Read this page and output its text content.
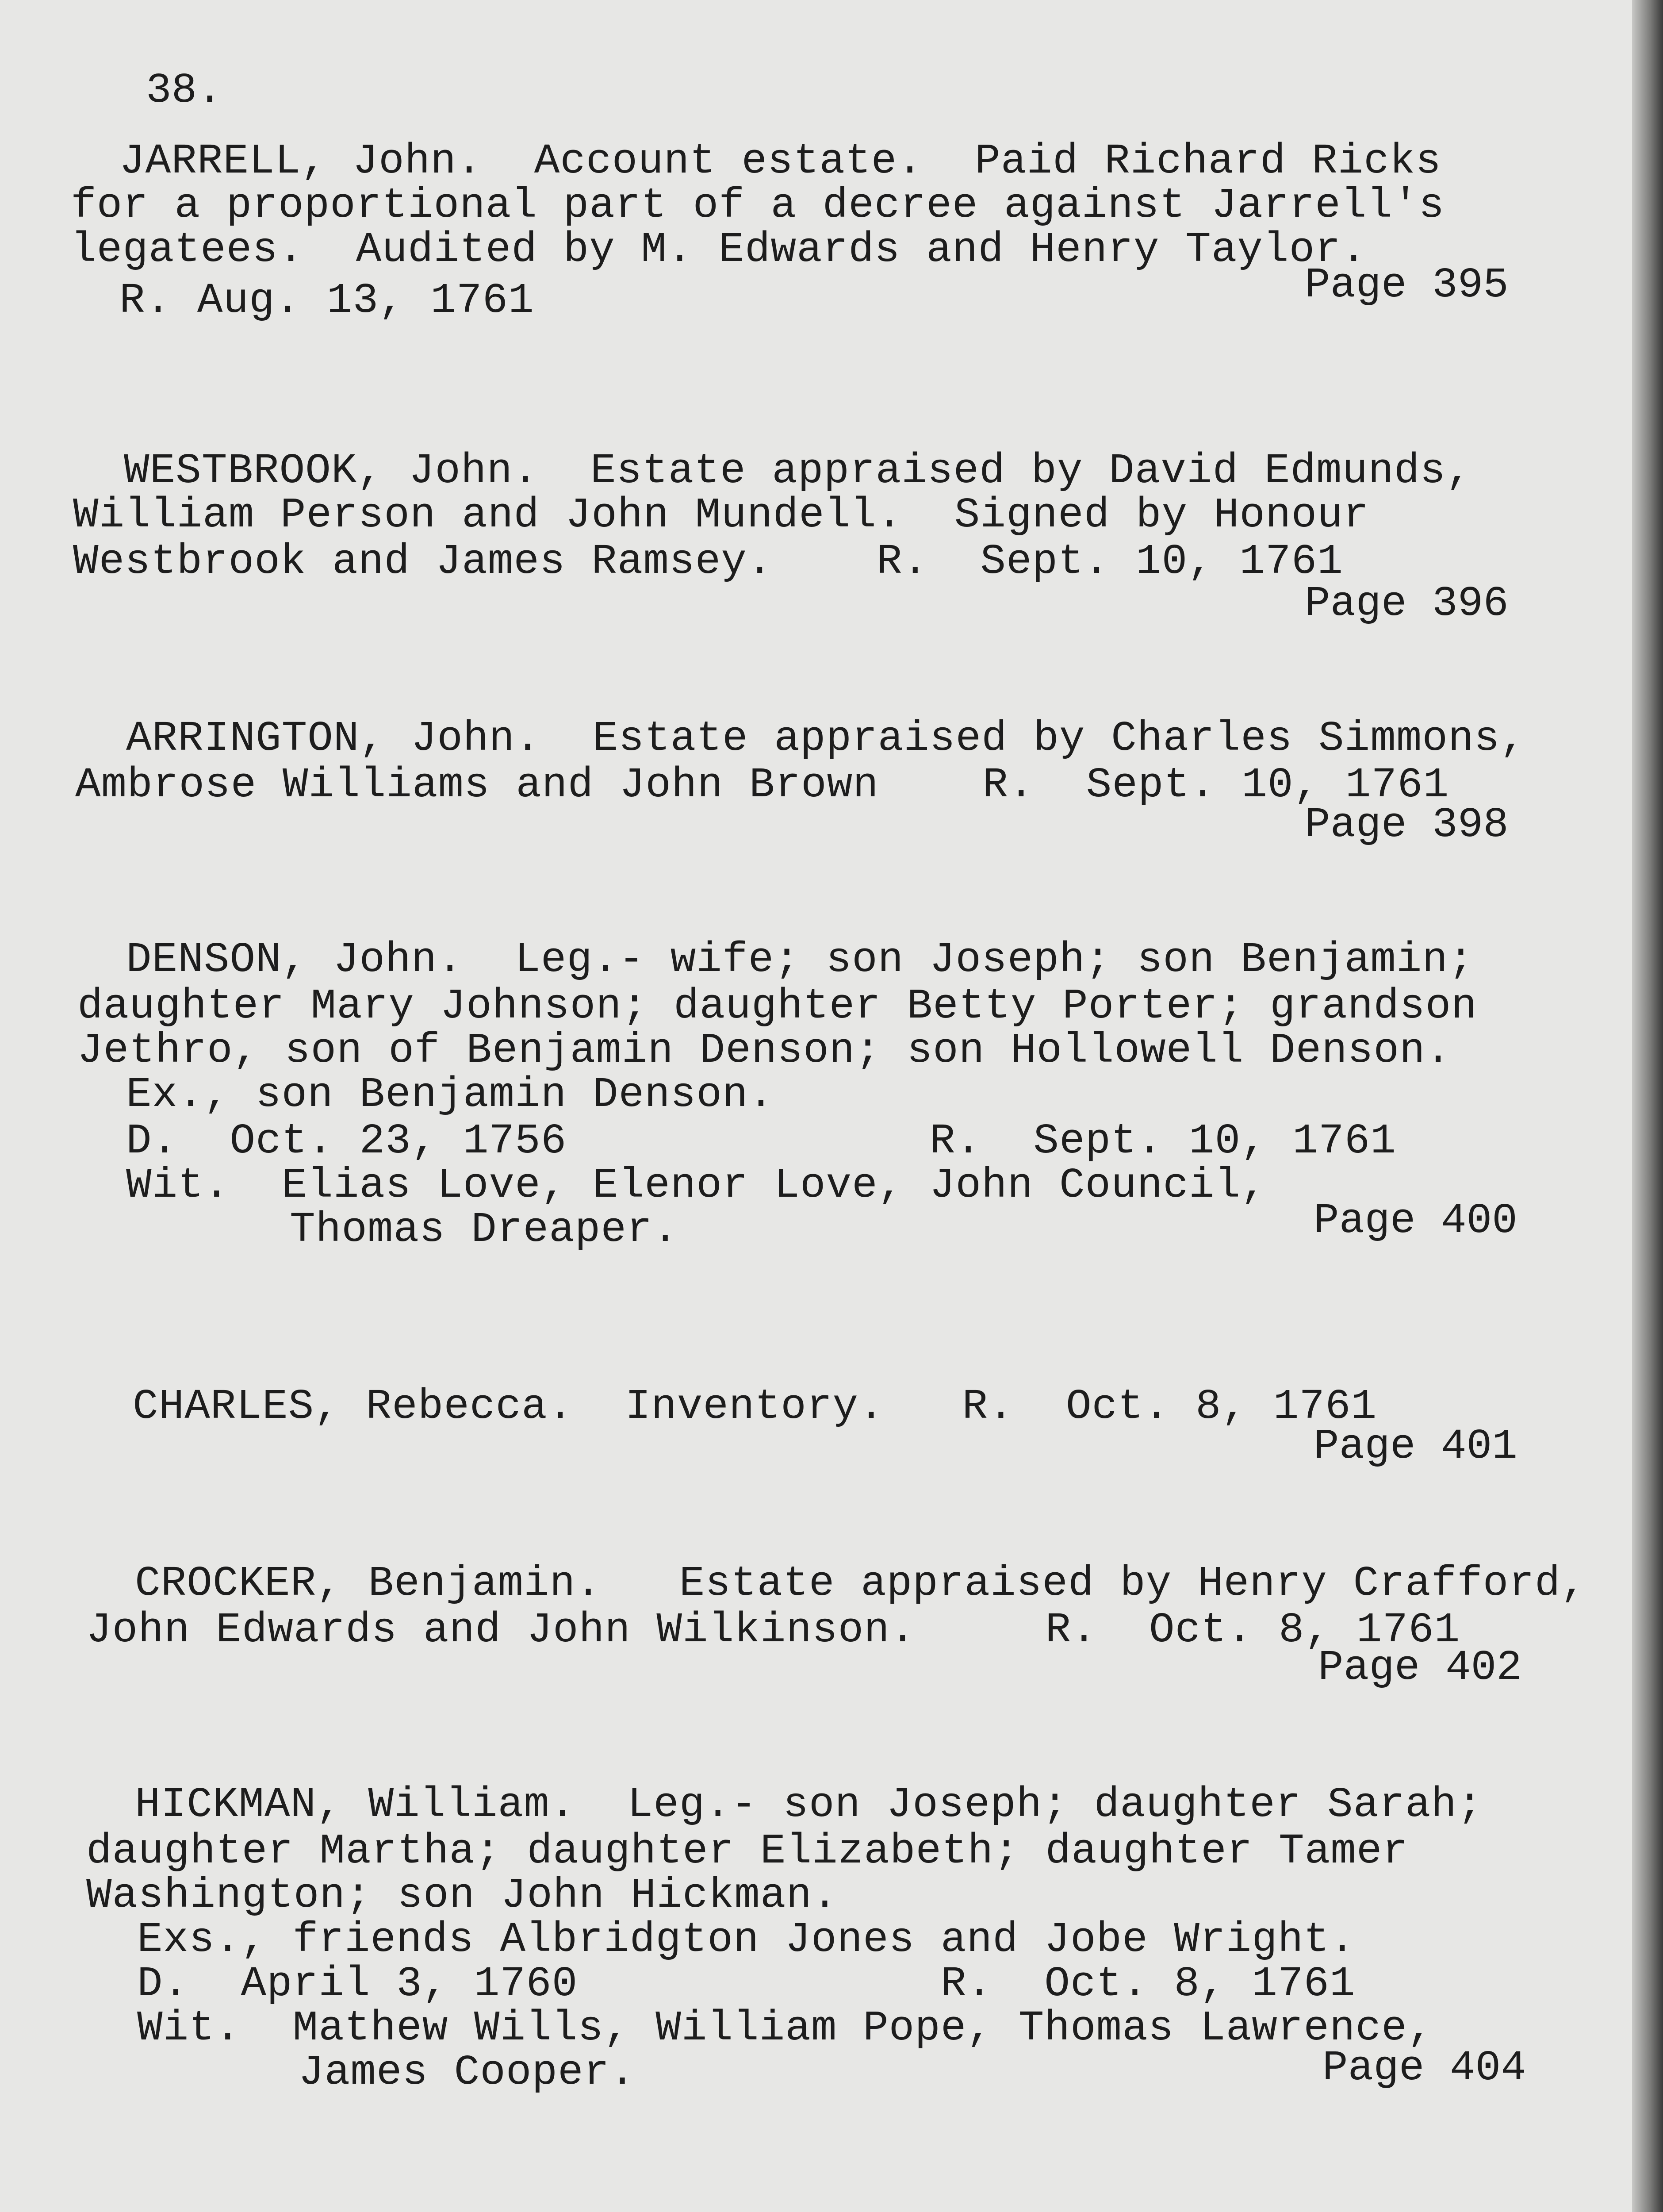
38.
JARRELL, John.  Account estate.  Paid Richard Ricks
for a proportional part of a decree against Jarrell's
legatees.  Audited by M. Edwards and Henry Taylor.
R. Aug. 13, 1761	Page 395
WESTBROOK, John.  Estate appraised by David Edmunds,
William Person and John Mundell.  Signed by Honour
Westbrook and James Ramsey.    R.  Sept. 10, 1761
Page 396
ARRINGTON, John.  Estate appraised by Charles Simmons,
Ambrose Williams and John Brown    R.  Sept. 10, 1761
Page 398
DENSON, John.  Leg.- wife; son Joseph; son Benjamin;
daughter Mary Johnson; daughter Betty Porter; grandson
Jethro, son of Benjamin Denson; son Hollowell Denson.
Ex., son Benjamin Denson.
D.  Oct. 23, 1756              R.  Sept. 10, 1761
Wit.  Elias Love, Elenor Love, John Council,
Thomas Dreaper.	Page 400
CHARLES, Rebecca.  Inventory.   R.  Oct. 8, 1761
Page 401
CROCKER, Benjamin.   Estate appraised by Henry Crafford,
John Edwards and John Wilkinson.     R.  Oct. 8, 1761
Page 402
HICKMAN, William.  Leg.- son Joseph; daughter Sarah;
daughter Martha; daughter Elizabeth; daughter Tamer
Washington; son John Hickman.
Exs., friends Albridgton Jones and Jobe Wright.
D.  April 3, 1760              R.  Oct. 8, 1761
Wit.  Mathew Wills, William Pope, Thomas Lawrence,
James Cooper.	Page 404
